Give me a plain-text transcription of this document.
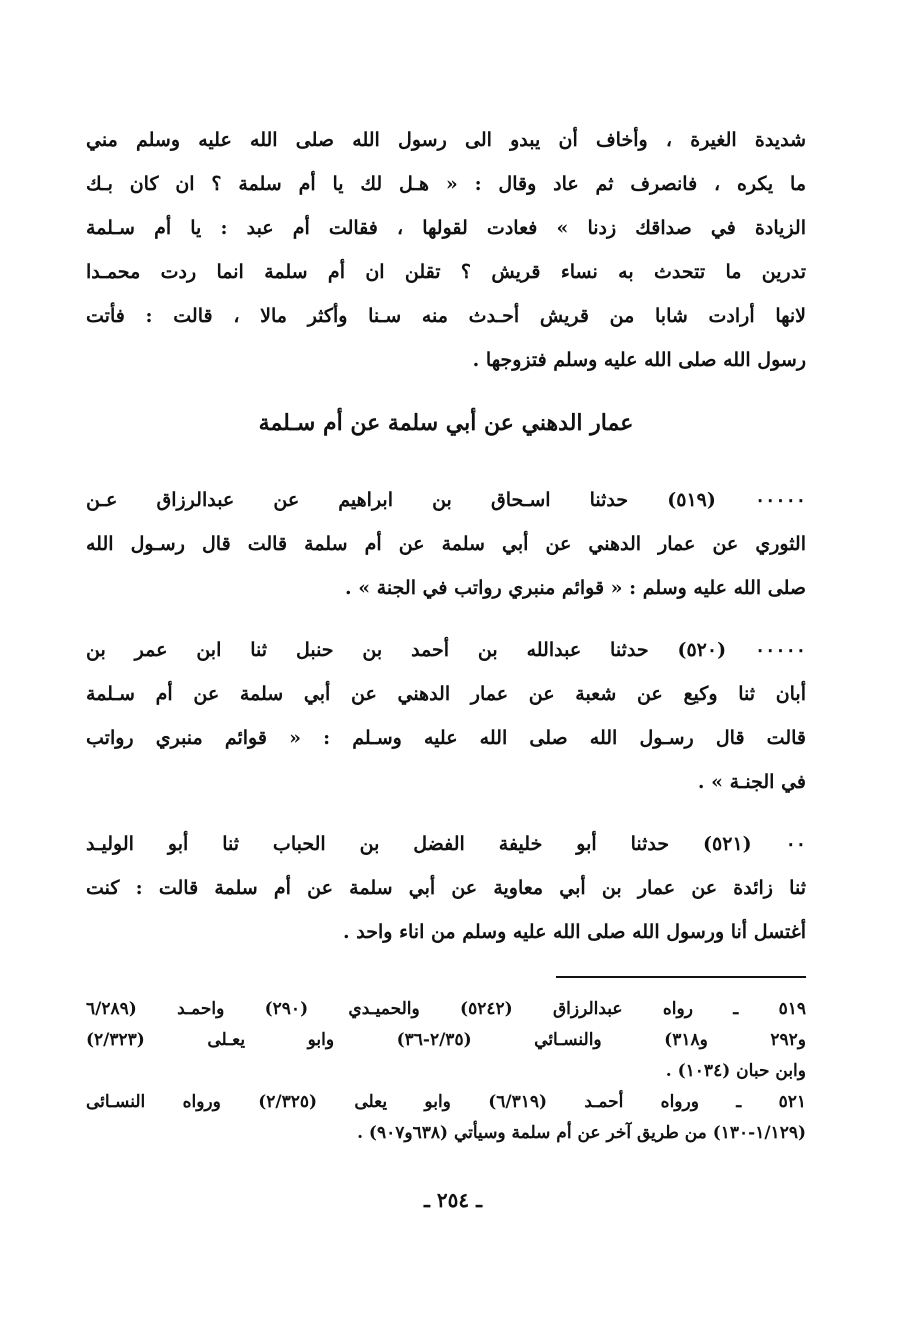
شديدة الغيرة ، وأخاف أن يبدو الى رسول الله صلى الله عليه وسلم مني
ما يكره ، فانصرف ثم عاد وقال : « هـل لك يا أم سلمة ؟ ان كان بـك
الزيادة في صداقك زدنا » فعادت لقولها ، فقالت أم عبد : يا أم سـلمة
تدرين ما تتحدث به نساء قريش ؟ تقلن ان أم سلمة انما ردت محمـدا
لانها أرادت شابا من قريش أحـدث منه سـنا وأكثر مالا ، قالت : فأتت
رسول الله صلى الله عليه وسلم فتزوجها .
عمار الدهني عن أبي سلمة عن أم سـلمة
٠٠٠٠٠ (٥١٩) حدثنا اسـحاق بن ابراهيم عن عبدالرزاق عـن
الثوري عن عمار الدهني عن أبي سلمة عن أم سلمة قالت قال رسـول الله
صلى الله عليه وسلم : « قوائم منبري رواتب في الجنة » .
٠٠٠٠٠ (٥٢٠) حدثنا عبدالله بن أحمد بن حنبل ثنا ابن عمر بن
أبان ثنا وكيع عن شعبة عن عمار الدهني عن أبي سلمة عن أم سـلمة
قالت قال رسـول الله صلى الله عليه وسـلم : « قوائم منبري رواتب
في الجنـة » .
٠٠ (٥٢١) حدثنا أبو خليفة الفضل بن الحباب ثنا أبو الوليـد
ثنا زائدة عن عمار بن أبي معاوية عن أبي سلمة عن أم سلمة قالت : كنت
أغتسل أنا ورسول الله صلى الله عليه وسلم من اناء واحد .
٥١٩ ـ رواه عبدالرزاق (٥٢٤٢) والحميـدي (٢٩٠) واحمـد (٦/٢٨٩
و٢٩٢ و٣١٨) والنسـائي (٢/٣٥-٣٦) وابو يعـلى (٢/٣٢٣)
وابن حبان (١٠٣٤) .
٥٢١ ـ ورواه أحمـد (٦/٣١٩) وابو يعلى (٢/٣٢٥) ورواه النسـائى
(١/١٢٩-١٣٠) من طريق آخر عن أم سلمة وسيأتي (٦٣٨و٩٠٧) .
ـ ٢٥٤ ـ
